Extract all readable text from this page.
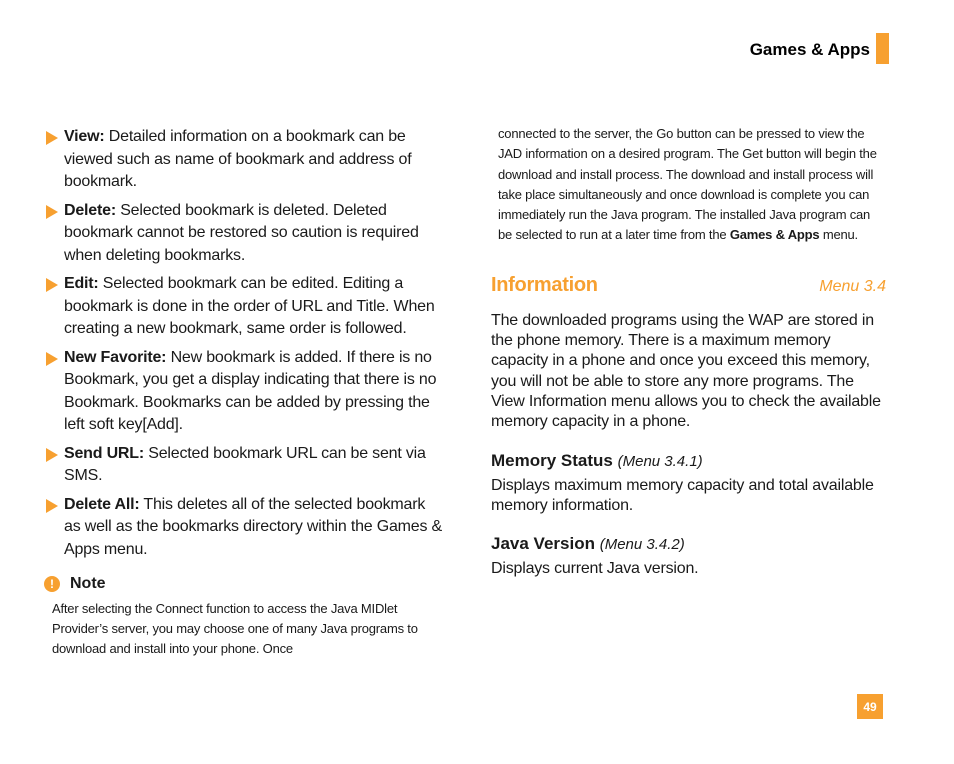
Games & Apps
View: Detailed information on a bookmark can be viewed such as name of bookmark and address of bookmark.
Delete: Selected bookmark is deleted. Deleted bookmark cannot be restored so caution is required when deleting bookmarks.
Edit: Selected bookmark can be edited. Editing a bookmark is done in the order of URL and Title. When creating a new bookmark, same order is followed.
New Favorite: New bookmark is added. If there is no Bookmark, you get a display indicating that there is no Bookmark. Bookmarks can be added by pressing the left soft key[Add].
Send URL: Selected bookmark URL can be sent via SMS.
Delete All: This deletes all of the selected bookmark as well as the bookmarks directory within the Games & Apps menu.
!	Note
After selecting the Connect function to access the Java MIDlet Provider’s server, you may choose one of many Java programs to download and install into your phone. Once
connected to the server, the Go button can be pressed to view the JAD information on a desired program. The Get button will begin the download and install process. The download and install process will take place simultaneously and once download is complete you can immediately run the Java program. The installed Java program can be selected to run at a later time from the Games & Apps menu.
Information	Menu 3.4
The downloaded programs using the WAP are stored in the phone memory. There is a maximum memory capacity in a phone and once you exceed this memory, you will not be able to store any more programs. The View Information menu allows you to check the available memory capacity in a phone.
Memory Status (Menu 3.4.1)
Displays maximum memory capacity and total available memory information.
Java Version (Menu 3.4.2)
Displays current Java version.
49
